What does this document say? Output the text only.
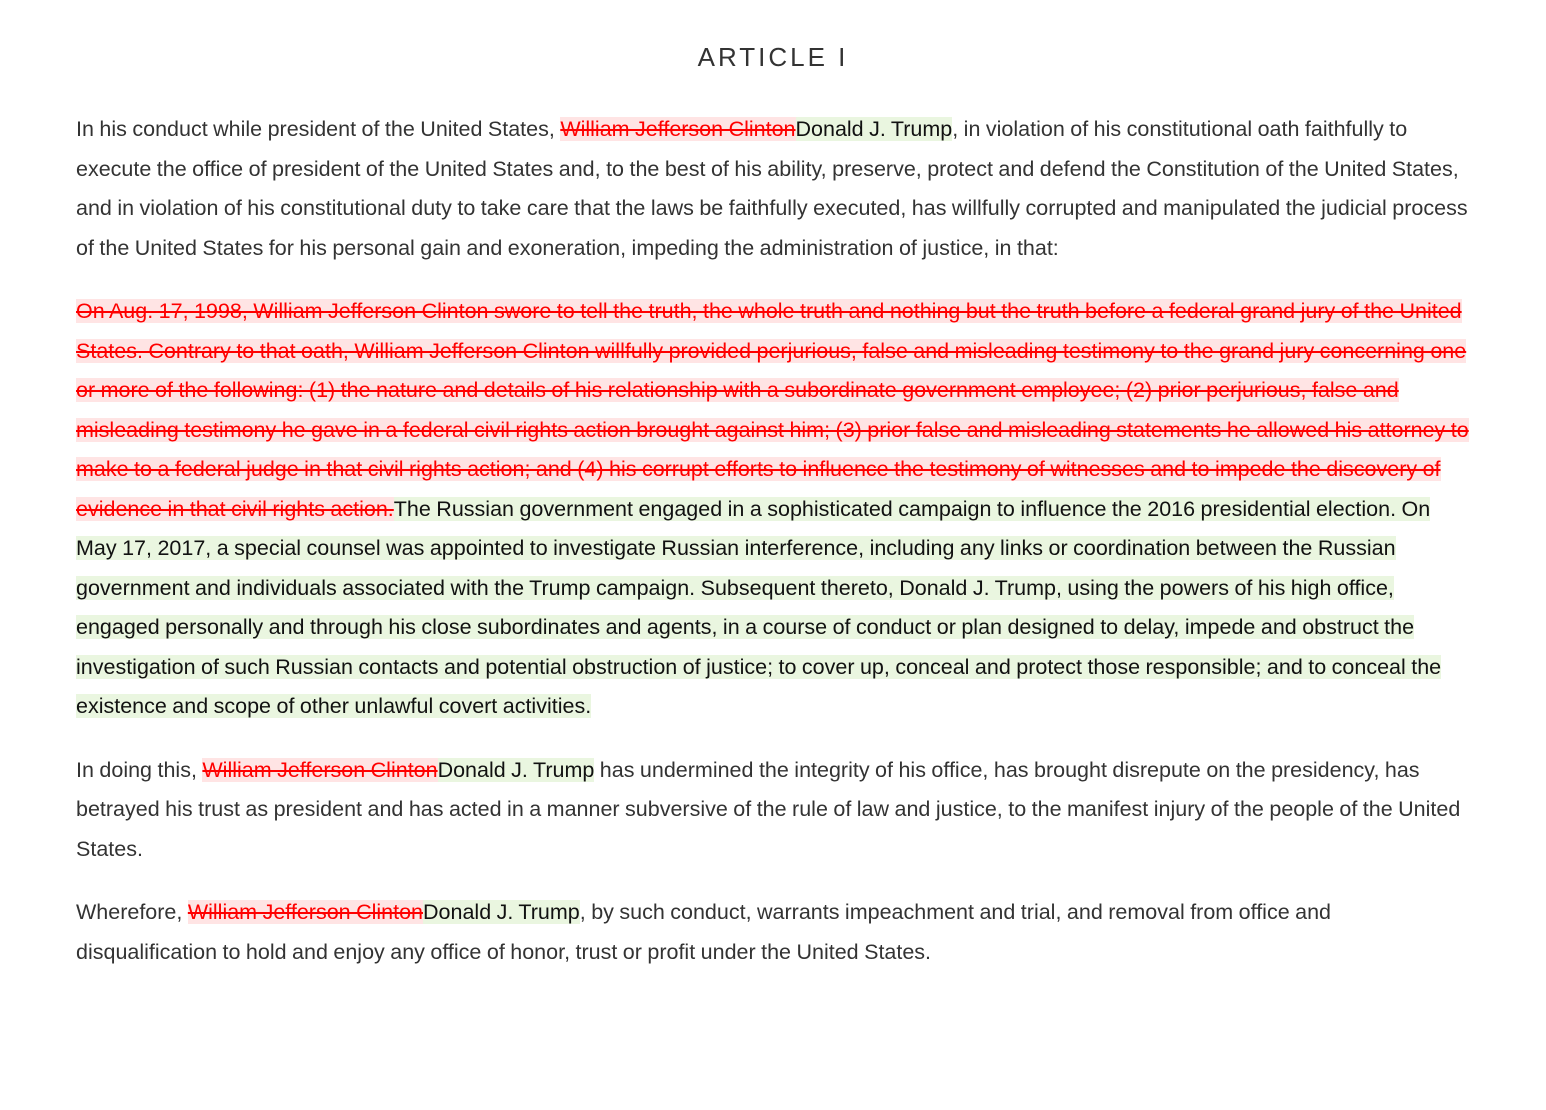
ARTICLE I

In his conduct while president of the United States, William Jefferson ClintonDonald J. Trump, in violation of his constitutional oath faithfully to execute the office of president of the United States and, to the best of his ability, preserve, protect and defend the Constitution of the United States, and in violation of his constitutional duty to take care that the laws be faithfully executed, has willfully corrupted and manipulated the judicial process of the United States for his personal gain and exoneration, impeding the administration of justice, in that:

On Aug. 17, 1998, William Jefferson Clinton swore to tell the truth, the whole truth and nothing but the truth before a federal grand jury of the United States. Contrary to that oath, William Jefferson Clinton willfully provided perjurious, false and misleading testimony to the grand jury concerning one or more of the following: (1) the nature and details of his relationship with a subordinate government employee; (2) prior perjurious, false and misleading testimony he gave in a federal civil rights action brought against him; (3) prior false and misleading statements he allowed his attorney to make to a federal judge in that civil rights action; and (4) his corrupt efforts to influence the testimony of witnesses and to impede the discovery of evidence in that civil rights action.The Russian government engaged in a sophisticated campaign to influence the 2016 presidential election. On May 17, 2017, a special counsel was appointed to investigate Russian interference, including any links or coordination between the Russian government and individuals associated with the Trump campaign. Subsequent thereto, Donald J. Trump, using the powers of his high office, engaged personally and through his close subordinates and agents, in a course of conduct or plan designed to delay, impede and obstruct the investigation of such Russian contacts and potential obstruction of justice; to cover up, conceal and protect those responsible; and to conceal the existence and scope of other unlawful covert activities.

In doing this, William Jefferson ClintonDonald J. Trump has undermined the integrity of his office, has brought disrepute on the presidency, has betrayed his trust as president and has acted in a manner subversive of the rule of law and justice, to the manifest injury of the people of the United States.

Wherefore, William Jefferson ClintonDonald J. Trump, by such conduct, warrants impeachment and trial, and removal from office and disqualification to hold and enjoy any office of honor, trust or profit under the United States.
